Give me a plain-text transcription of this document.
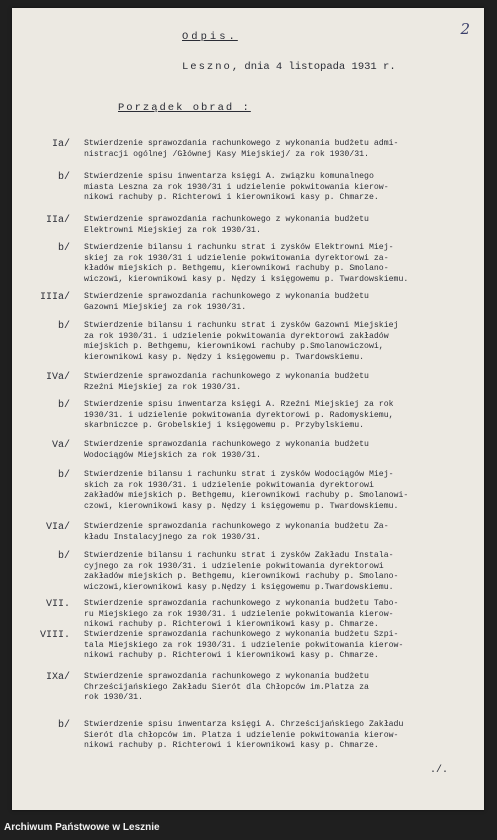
2
Odpis.
Leszno, dnia 4 listopada 1931 r.
Porządek obrad :
Ia/ Stwierdzenie sprawozdania rachunkowego z wykonania budżetu admi-
nistracji ogólnej /Głównej Kasy Miejskiej/ za rok 1930/31.
b/ Stwierdzenie spisu inwentarza księgi A. związku komunalnego
miasta Leszna za rok 1930/31 i udzielenie pokwitowania kierow-
nikowi rachuby p. Richterowi i kierownikowi kasy p. Chmarze.
IIa/ Stwierdzenie sprawozdania rachunkowego z wykonania budżetu
Elektrowni Miejskiej za rok 1930/31.
b/ Stwierdzenie bilansu i rachunku strat i zysków Elektrowni Miej-
skiej za rok 1930/31 i udzielenie pokwitowania dyrektorowi za-
kładów miejskich p. Bethgemu, kierownikowi rachuby p. Smolano-
wiczowi, kierownikowi kasy p. Nędzy i księgowemu p. Twardowskiemu.
IIIa/ Stwierdzenie sprawozdania rachunkowego z wykonania budżetu
Gazowni Miejskiej za rok 1930/31.
b/ Stwierdzenie bilansu i rachunku strat i zysków Gazowni Miejskiej
za rok 1930/31. i udzielenie pokwitowania dyrektorowi zakładów
miejskich p. Bethgemu, kierownikowi rachuby p.Smolanowiczowi,
kierownikowi kasy p. Nędzy i księgowemu p. Twardowskiemu.
IVa/ Stwierdzenie sprawozdania rachunkowego z wykonania budżetu
Rzeźni Miejskiej za rok 1930/31.
b/ Stwierdzenie spisu inwentarza księgi A. Rzeźni Miejskiej za rok
1930/31. i udzielenie pokwitowania dyrektorowi p. Radomyskiemu,
skarbniczce p. Grobelskiej i księgowemu p. Przybylskiemu.
Va/ Stwierdzenie sprawozdania rachunkowego z wykonania budżetu
Wodociągów Miejskich za rok 1930/31.
b/ Stwierdzenie bilansu i rachunku strat i zysków Wodociągów Miej-
skich za rok 1930/31. i udzielenie pokwitowania dyrektorowi
zakładów miejskich p. Bethgemu, kierownikowi rachuby p. Smolanowi-
czowi, kierownikowi kasy p. Nędzy i księgowemu p. Twardowskiemu.
VIa/ Stwierdzenie sprawozdania rachunkowego z wykonania budżetu Za-
kładu Instalacyjnego za rok 1930/31.
b/ Stwierdzenie bilansu i rachunku strat i zysków Zakładu Instala-
cyjnego za rok 1930/31. i udzielenie pokwitowania dyrektorowi
zakładów miejskich p. Bethgemu, kierownikowi rachuby p. Smolano-
wiczowi,kierownikowi kasy p.Nędzy i księgowemu p.Twardowskiemu.
VII. Stwierdzenie sprawozdania rachunkowego z wykonania budżetu Tabo-
ru Miejskiego za rok 1930/31. i udzielenie pokwitowania kierow-
nikowi rachuby p. Richterowi i kierownikowi kasy p. Chmarze.
VIII. Stwierdzenie sprawozdania rachunkowego z wykonania budżetu Szpi-
tala Miejskiego za rok 1930/31. i udzielenie pokwitowania kierow-
nikowi rachuby p. Richterowi i kierownikowi kasy p. Chmarze.
IXa/ Stwierdzenie sprawozdania rachunkowego z wykonania budżetu
Chrześcijańskiego Zakładu Sierót dla Chłopców im.Platza za
rok 1930/31.
b/ Stwierdzenie spisu inwentarza księgi A. Chrześcijańskiego Zakładu
Sierót dla chłopców im. Platza i udzielenie pokwitowania kierow-
nikowi rachuby p. Richterowi i kierownikowi kasy p. Chmarze.
./.
Archiwum Państwowe w Lesznie
